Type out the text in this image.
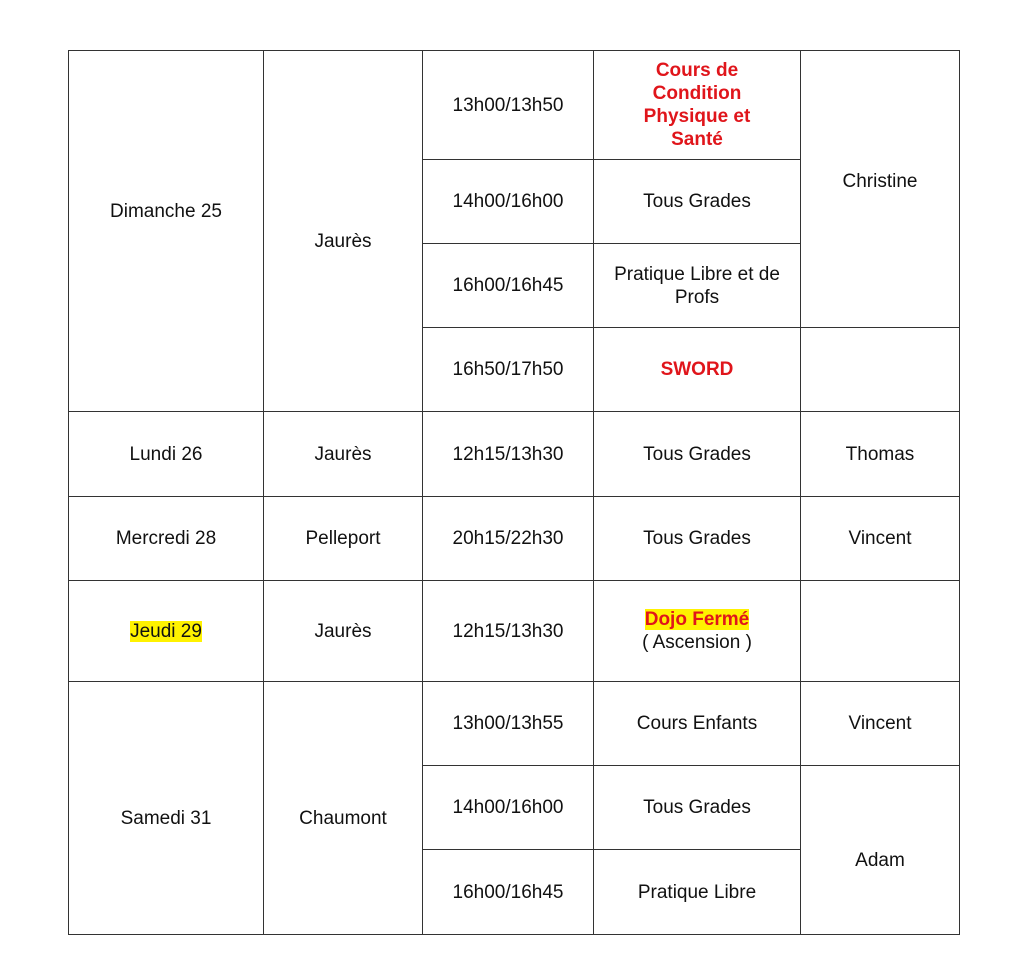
Dimanche 25	Jaurès	13h00/13h50	Cours de Condition Physique et Santé	Christine
		14h00/16h00	Tous Grades	
		16h00/16h45	Pratique Libre et de Profs	
		16h50/17h50	SWORD	
Lundi 26	Jaurès	12h15/13h30	Tous Grades	Thomas
Mercredi 28	Pelleport	20h15/22h30	Tous Grades	Vincent
Jeudi 29	Jaurès	12h15/13h30	Dojo Fermé
( Ascension )	
Samedi 31	Chaumont	13h00/13h55	Cours Enfants	Vincent
		14h00/16h00	Tous Grades	Adam
		16h00/16h45	Pratique Libre	
